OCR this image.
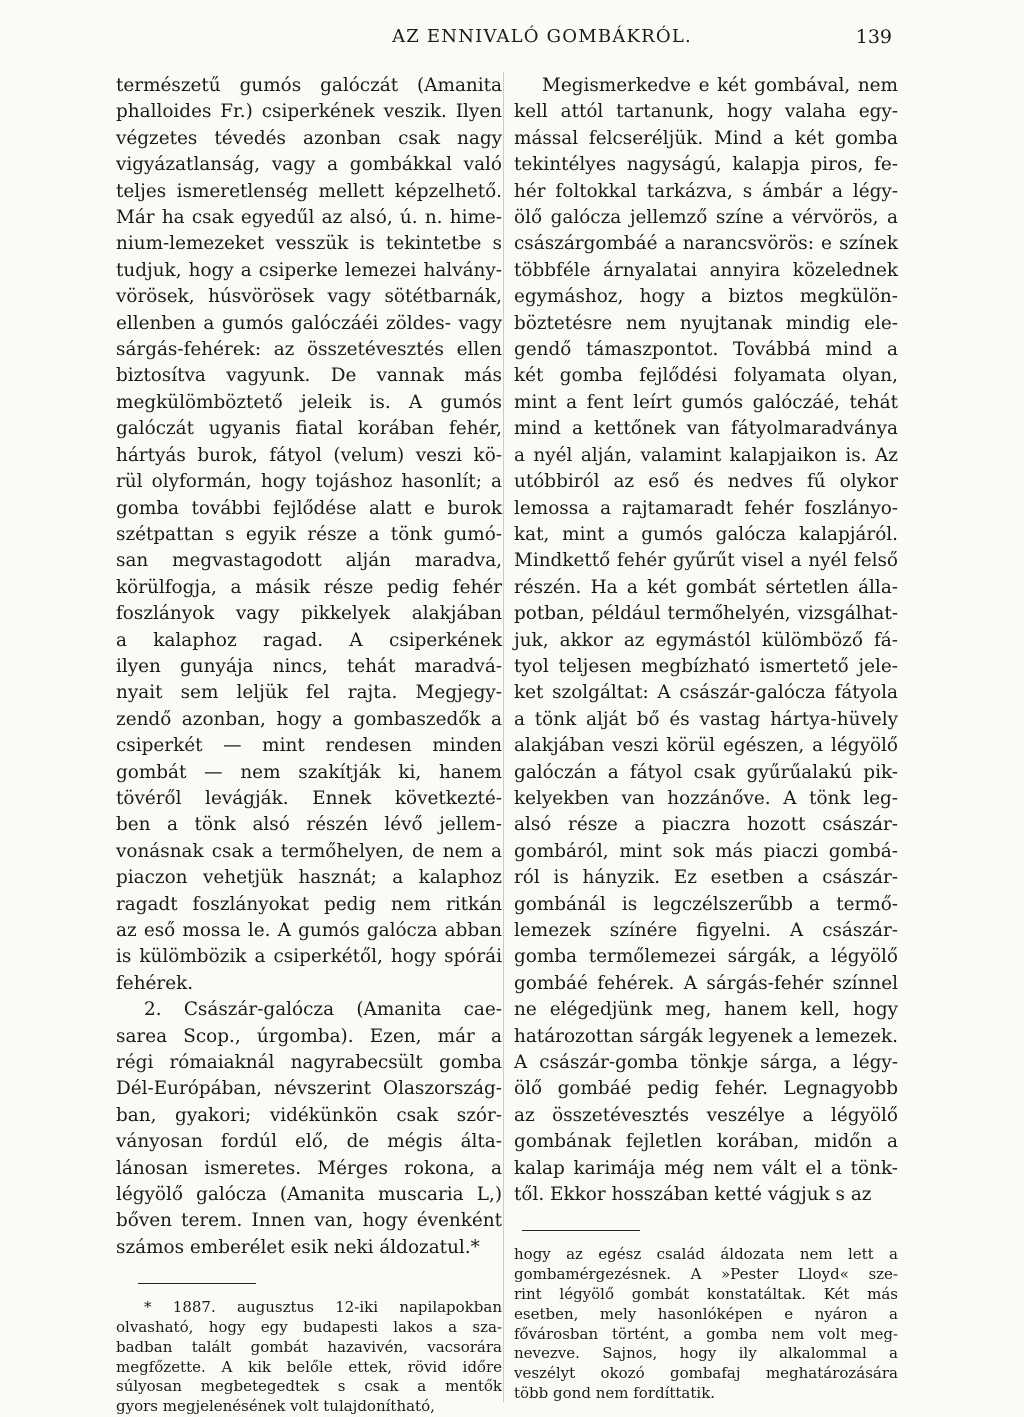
AZ ENNIVALÓ GOMBÁKRÓL.	139
természetű gumós galóczát (Amanita
phalloides Fr.) csiperkének veszik. Ilyen
végzetes tévedés azonban csak nagy
vigyázatlanság, vagy a gombákkal való
teljes ismeretlenség mellett képzelhető.
Már ha csak egyedűl az alsó, ú. n. hime-
nium-lemezeket vesszük is tekintetbe s
tudjuk, hogy a csiperke lemezei halvány-
vörösek, húsvörösek vagy sötétbarnák,
ellenben a gumós galóczáéi zöldes- vagy
sárgás-fehérek: az összetévesztés ellen
biztosítva vagyunk. De vannak más
megkülömböztető jeleik is. A gumós
galóczát ugyanis fiatal korában fehér,
hártyás burok, fátyol (velum) veszi kö-
rül olyformán, hogy tojáshoz hasonlít; a
gomba további fejlődése alatt e burok
szétpattan s egyik része a tönk gumó-
san megvastagodott alján maradva,
körülfogja, a másik része pedig fehér
foszlányok vagy pikkelyek alakjában
a kalaphoz ragad. A csiperkének
ilyen gunyája nincs, tehát maradvá-
nyait sem leljük fel rajta. Megjegy-
zendő azonban, hogy a gombaszedők a
csiperkét — mint rendesen minden
gombát — nem szakítják ki, hanem
tövéről levágják. Ennek következté-
ben a tönk alsó részén lévő jellem-
vonásnak csak a termőhelyen, de nem a
piaczon vehetjük hasznát; a kalaphoz
ragadt foszlányokat pedig nem ritkán
az eső mossa le. A gumós galócza abban
is külömbözik a csiperkétől, hogy spórái
fehérek.
2. Császár-galócza (Amanita cae-
sarea Scop., úrgomba). Ezen, már a
régi rómaiaknál nagyrabecsült gomba
Dél-Európában, névszerint Olaszország-
ban, gyakori; vidékünkön csak szór-
ványosan fordúl elő, de mégis álta-
lánosan ismeretes. Mérges rokona, a
légyölő galócza (Amanita muscaria L,)
bőven terem. Innen van, hogy évenként
számos emberélet esik neki áldozatul.*
* 1887. augusztus 12-iki napilapokban
olvasható, hogy egy budapesti lakos a sza-
badban talált gombát hazavivén, vacsorára
megfőzette. A kik belőle ettek, rövid időre
súlyosan megbetegedtek s csak a mentők
gyors megjelenésének volt tulajdonítható,
Megismerkedve e két gombával, nem
kell attól tartanunk, hogy valaha egy-
mással felcseréljük. Mind a két gomba
tekintélyes nagyságú, kalapja piros, fe-
hér foltokkal tarkázva, s ámbár a légy-
ölő galócza jellemző színe a vérvörös, a
császárgombáé a narancsvörös: e színek
többféle árnyalatai annyira közelednek
egymáshoz, hogy a biztos megkülön-
böztetésre nem nyujtanak mindig ele-
gendő támaszpontot. Továbbá mind a
két gomba fejlődési folyamata olyan,
mint a fent leírt gumós galóczáé, tehát
mind a kettőnek van fátyolmaradványa
a nyél alján, valamint kalapjaikon is. Az
utóbbiról az eső és nedves fű olykor
lemossa a rajtamaradt fehér foszlányo-
kat, mint a gumós galócza kalapjáról.
Mindkettő fehér gyűrűt visel a nyél felső
részén. Ha a két gombát sértetlen álla-
potban, például termőhelyén, vizsgálhat-
juk, akkor az egymástól külömböző fá-
tyol teljesen megbízható ismertető jele-
ket szolgáltat: A császár-galócza fátyola
a tönk alját bő és vastag hártya-hüvely
alakjában veszi körül egészen, a légyölő
galóczán a fátyol csak gyűrűalakú pik-
kelyekben van hozzánőve. A tönk leg-
alsó része a piaczra hozott császár-
gombáról, mint sok más piaczi gombá-
ról is hányzik. Ez esetben a császár-
gombánál is legczélszerűbb a termő-
lemezek színére figyelni. A császár-
gomba termőlemezei sárgák, a légyölő
gombáé fehérek. A sárgás-fehér színnel
ne elégedjünk meg, hanem kell, hogy
határozottan sárgák legyenek a lemezek.
A császár-gomba tönkje sárga, a légy-
ölő gombáé pedig fehér. Legnagyobb
az összetévesztés veszélye a légyölő
gombának fejletlen korában, midőn a
kalap karimája még nem vált el a tönk-
től. Ekkor hosszában ketté vágjuk s az
hogy az egész család áldozata nem lett a
gombamérgezésnek. A »Pester Lloyd« sze-
rint légyölő gombát konstatáltak. Két más
esetben, mely hasonlóképen e nyáron a
fővárosban történt, a gomba nem volt meg-
nevezve. Sajnos, hogy ily alkalommal a
veszélyt okozó gombafaj meghatározására
több gond nem fordíttatik.
